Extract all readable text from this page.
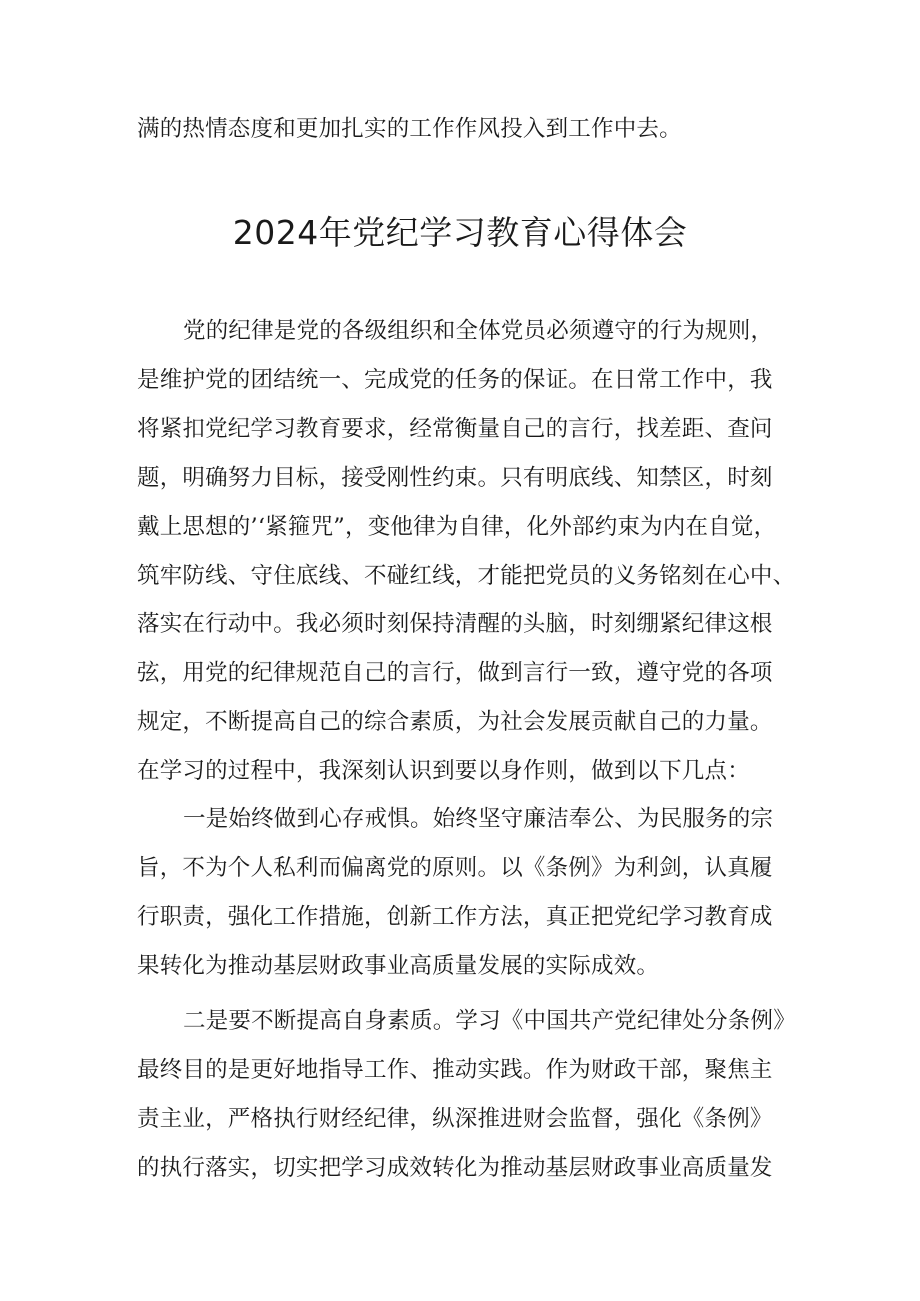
满的热情态度和更加扎实的工作作风投入到工作中去。
2024年党纪学习教育心得体会
党的纪律是党的各级组织和全体党员必须遵守的行为规则，
是维护党的团结统一、完成党的任务的保证。在日常工作中，我
将紧扣党纪学习教育要求，经常衡量自己的言行，找差距、查问
题，明确努力目标，接受刚性约束。只有明底线、知禁区，时刻
戴上思想的’‘紧箍咒”，变他律为自律，化外部约束为内在自觉，
筑牢防线、守住底线、不碰红线，才能把党员的义务铭刻在心中、
落实在行动中。我必须时刻保持清醒的头脑，时刻绷紧纪律这根
弦，用党的纪律规范自己的言行，做到言行一致，遵守党的各项
规定，不断提高自己的综合素质，为社会发展贡献自己的力量。
在学习的过程中，我深刻认识到要以身作则，做到以下几点：
一是始终做到心存戒惧。始终坚守廉洁奉公、为民服务的宗
旨，不为个人私利而偏离党的原则。以《条例》为利剑，认真履
行职责，强化工作措施，创新工作方法，真正把党纪学习教育成
果转化为推动基层财政事业高质量发展的实际成效。
二是要不断提高自身素质。学习《中国共产党纪律处分条例》
最终目的是更好地指导工作、推动实践。作为财政干部，聚焦主
责主业，严格执行财经纪律，纵深推进财会监督，强化《条例》
的执行落实，切实把学习成效转化为推动基层财政事业高质量发
